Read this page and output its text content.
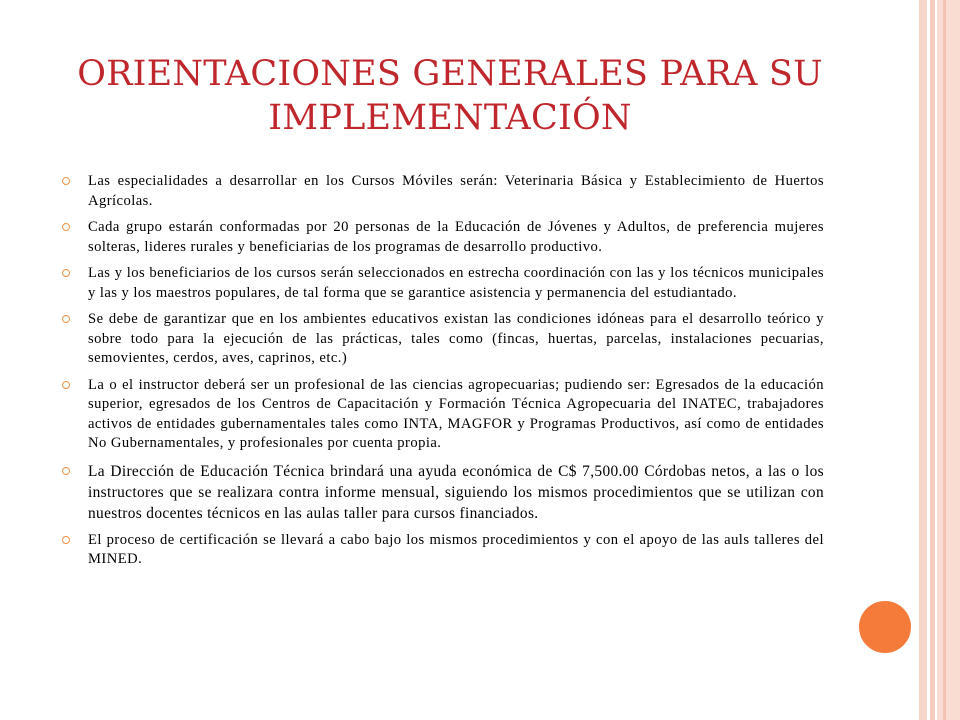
ORIENTACIONES GENERALES PARA SU IMPLEMENTACIÓN
Las especialidades a desarrollar en los Cursos Móviles serán: Veterinaria Básica y Establecimiento de Huertos Agrícolas.
Cada grupo estarán conformadas por 20 personas de la Educación de Jóvenes y Adultos, de preferencia mujeres solteras, lideres rurales y beneficiarias de los programas de desarrollo productivo.
Las y los beneficiarios de los cursos serán seleccionados en estrecha coordinación con las y los técnicos municipales y las y los maestros populares, de tal forma que se garantice asistencia y permanencia del estudiantado.
Se debe de garantizar que en los ambientes educativos existan las condiciones idóneas para el desarrollo teórico y sobre todo para la ejecución de las prácticas, tales como (fincas, huertas, parcelas, instalaciones pecuarias, semovientes, cerdos, aves, caprinos, etc.)
La o el instructor deberá ser un profesional de las ciencias agropecuarias; pudiendo ser: Egresados de la educación superior, egresados de los Centros de Capacitación y Formación Técnica Agropecuaria del INATEC, trabajadores activos de entidades gubernamentales tales como INTA, MAGFOR y Programas Productivos, así como de entidades No Gubernamentales, y profesionales por cuenta propia.
La Dirección de Educación Técnica brindará una ayuda económica de C$ 7,500.00 Córdobas netos, a las o los instructores que se realizara contra informe mensual, siguiendo los mismos procedimientos que se utilizan con nuestros docentes técnicos en las aulas taller para cursos financiados.
El proceso de certificación se llevará a cabo bajo los mismos procedimientos y con el apoyo de las auls talleres del MINED.
